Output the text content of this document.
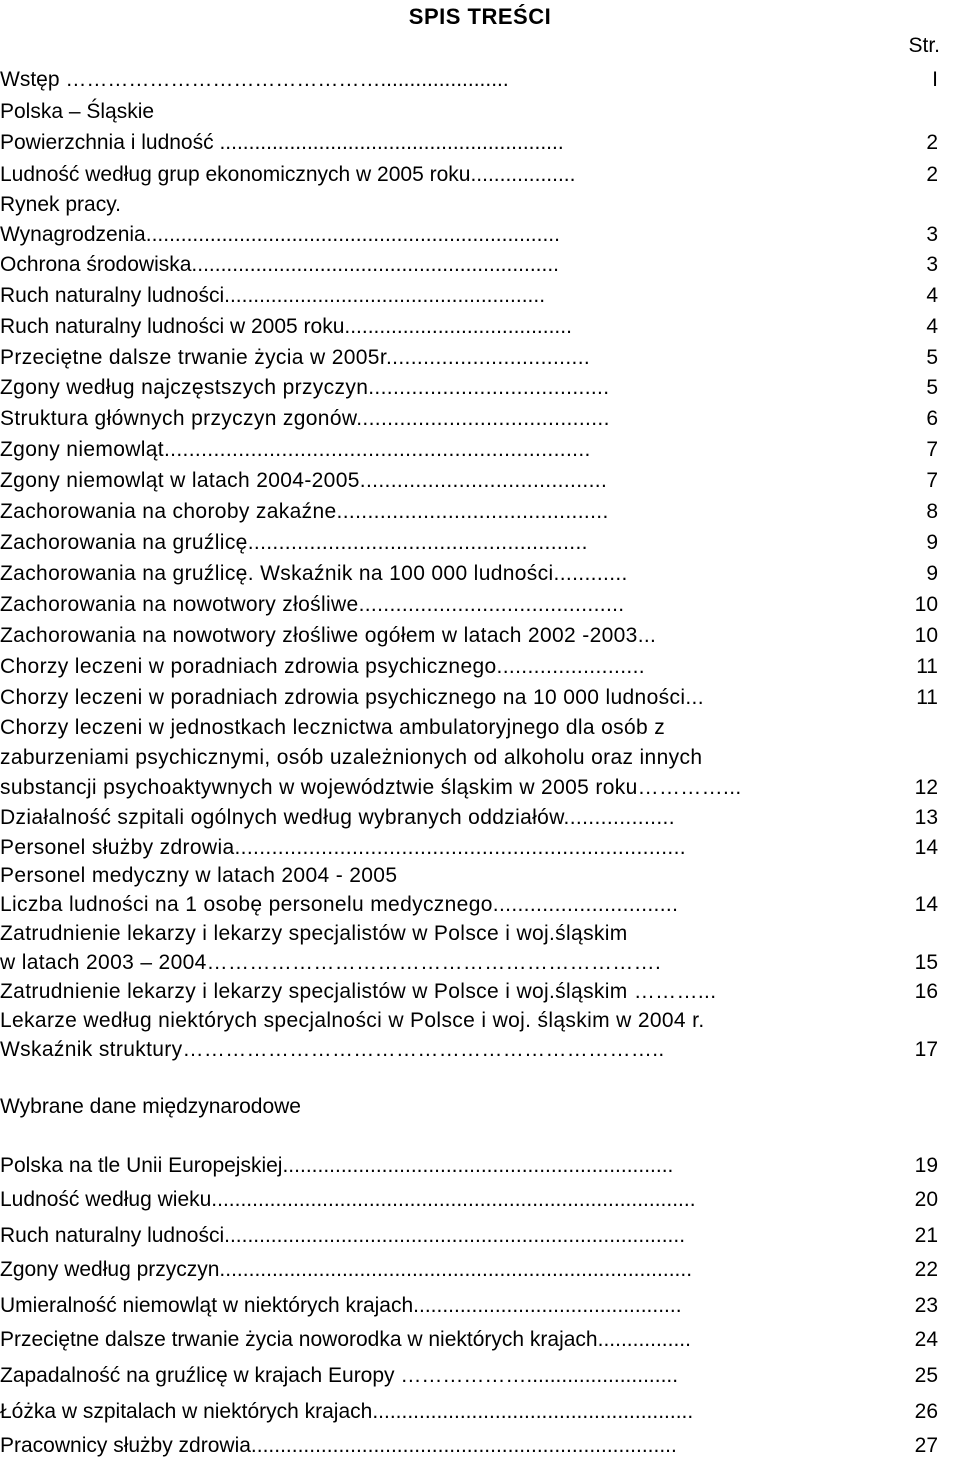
SPIS TREŚCI
Str.
Wstęp ………………………………………......................	I
Polska – Śląskie
Powierzchnia i ludność ...........................................................	2
Ludność według grup ekonomicznych w 2005 roku..................	2
Rynek pracy.
Wynagrodzenia.......................................................................	3
Ochrona środowiska...............................................................	3
Ruch naturalny ludności.......................................................	4
Ruch naturalny ludności w 2005 roku.......................................	4
Przeciętne dalsze trwanie życia w 2005r.................................	5
Zgony według najczęstszych przyczyn.......................................	5
Struktura głównych przyczyn zgonów.........................................	6
Zgony niemowląt.....................................................................	7
Zgony niemowląt w latach 2004-2005........................................	7
Zachorowania na choroby zakaźne............................................	8
Zachorowania na gruźlicę.......................................................	9
Zachorowania na gruźlicę. Wskaźnik na 100 000 ludności............	9
Zachorowania na nowotwory złośliwe...........................................	10
Zachorowania na nowotwory złośliwe ogółem w latach 2002 -2003...	10
Chorzy leczeni w poradniach zdrowia psychicznego........................	11
Chorzy leczeni w poradniach zdrowia psychicznego na 10 000 ludności...	11
Chorzy leczeni w jednostkach lecznictwa ambulatoryjnego dla osób z
zaburzeniami psychicznymi, osób uzależnionych od alkoholu oraz innych
substancji psychoaktywnych w województwie śląskim w 2005 roku…………...	12
Działalność szpitali ogólnych według wybranych oddziałów..................	13
Personel służby zdrowia.........................................................................	14
Personel medyczny w latach 2004 - 2005
Liczba ludności na 1 osobę personelu medycznego..............................	14
Zatrudnienie lekarzy i lekarzy specjalistów w Polsce i woj.śląskim
w latach 2003 – 2004……………………………………………………….	15
Zatrudnienie lekarzy i lekarzy specjalistów w Polsce i woj.śląskim ………...	16
Lekarze według niektórych specjalności w Polsce i woj. śląskim w 2004 r.
Wskaźnik struktury…………………………………………………………..	17
Wybrane dane międzynarodowe
Polska na tle Unii Europejskiej...................................................................	19
Ludność według wieku...................................................................................	20
Ruch naturalny ludności...............................................................................	21
Zgony według przyczyn.................................................................................	22
Umieralność niemowląt w niektórych krajach..............................................	23
Przeciętne dalsze trwanie życia noworodka w niektórych krajach................	24
Zapadalność na gruźlicę w krajach Europy ………………..........................	25
Łóżka w szpitalach w niektórych krajach.......................................................	26
Pracownicy służby zdrowia.........................................................................	27
